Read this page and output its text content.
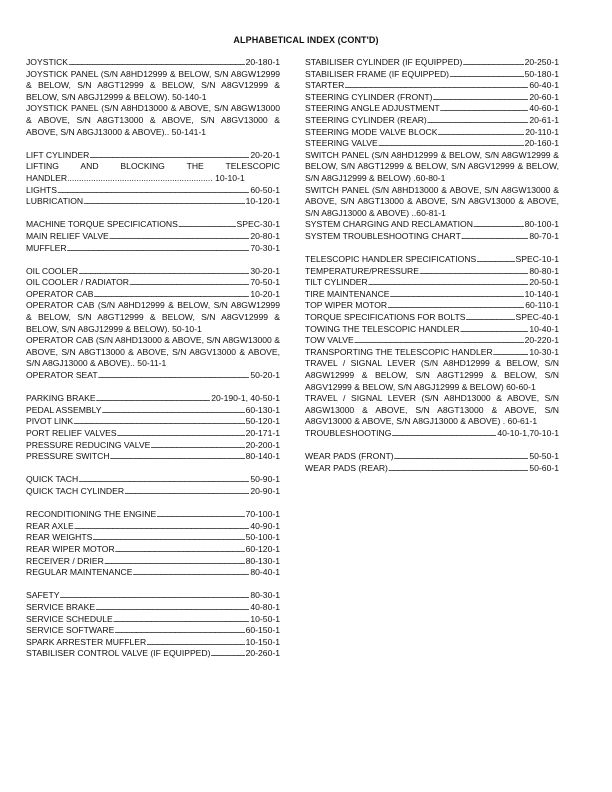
ALPHABETICAL INDEX (CONT'D)
JOYSTICK . . .	20-180-1
JOYSTICK PANEL (S/N A8HD12999 & BELOW, S/N A8GW12999 & BELOW, S/N A8GT12999 & BELOW, S/N A8GV12999 & BELOW, S/N A8GJ12999 & BELOW). 50-140-1
JOYSTICK PANEL (S/N A8HD13000 & ABOVE, S/N A8GW13000 & ABOVE, S/N A8GT13000 & ABOVE, S/N A8GV13000 & ABOVE, S/N A8GJ13000 & ABOVE).. 50-141-1
LIFT CYLINDER . . .	20-20-1
LIFTING AND BLOCKING THE TELESCOPIC HANDLER............................................................. 10-10-1
LIGHTS . . .	60-50-1
LUBRICATION . . .	10-120-1
MACHINE TORQUE SPECIFICATIONS . . .	SPEC-30-1
MAIN RELIEF VALVE . . .	20-80-1
MUFFLER . . .	70-30-1
OIL COOLER . . .	30-20-1
OIL COOLER / RADIATOR . . .	70-50-1
OPERATOR CAB . . .	10-20-1
OPERATOR CAB (S/N A8HD12999 & BELOW, S/N A8GW12999 & BELOW, S/N A8GT12999 & BELOW, S/N A8GV12999 & BELOW, S/N A8GJ12999 & BELOW). 50-10-1
OPERATOR CAB (S/N A8HD13000 & ABOVE, S/N A8GW13000 & ABOVE, S/N A8GT13000 & ABOVE, S/N A8GV13000 & ABOVE, S/N A8GJ13000 & ABOVE).. 50-11-1
OPERATOR SEAT . . .	50-20-1
PARKING BRAKE . . .	20-190-1, 40-50-1
PEDAL ASSEMBLY . . .	60-130-1
PIVOT LINK . . .	50-120-1
PORT RELIEF VALVES . . .	20-171-1
PRESSURE REDUCING VALVE . . .	20-200-1
PRESSURE SWITCH . . .	80-140-1
QUICK TACH . . .	50-90-1
QUICK TACH CYLINDER . . .	20-90-1
RECONDITIONING THE ENGINE . . .	70-100-1
REAR AXLE . . .	40-90-1
REAR WEIGHTS . . .	50-100-1
REAR WIPER MOTOR . . .	60-120-1
RECEIVER / DRIER . . .	80-130-1
REGULAR MAINTENANCE . . .	80-40-1
SAFETY . . .	80-30-1
SERVICE BRAKE . . .	40-80-1
SERVICE SCHEDULE . . .	10-50-1
SERVICE SOFTWARE . . .	60-150-1
SPARK ARRESTER MUFFLER . . .	10-150-1
STABILISER CONTROL VALVE (IF EQUIPPED) . . .	20-260-1
STABILISER CYLINDER (IF EQUIPPED) . . .	20-250-1
STABILISER FRAME (IF EQUIPPED) . . .	50-180-1
STARTER . . .	60-40-1
STEERING CYLINDER (FRONT) . . .	20-60-1
STEERING ANGLE ADJUSTMENT . . .	40-60-1
STEERING CYLINDER (REAR) . . .	20-61-1
STEERING MODE VALVE BLOCK . . .	20-110-1
STEERING VALVE . . .	20-160-1
SWITCH PANEL (S/N A8HD12999 & BELOW, S/N A8GW12999 & BELOW, S/N A8GT12999 & BELOW, S/N A8GV12999 & BELOW, S/N A8GJ12999 & BELOW) .60-80-1
SWITCH PANEL (S/N A8HD13000 & ABOVE, S/N A8GW13000 & ABOVE, S/N A8GT13000 & ABOVE, S/N A8GV13000 & ABOVE, S/N A8GJ13000 & ABOVE) ..60-81-1
SYSTEM CHARGING AND RECLAMATION . . .	80-100-1
SYSTEM TROUBLESHOOTING CHART . . .	80-70-1
TELESCOPIC HANDLER SPECIFICATIONS . . .	SPEC-10-1
TEMPERATURE/PRESSURE . . .	80-80-1
TILT CYLINDER . . .	20-50-1
TIRE MAINTENANCE . . .	10-140-1
TOP WIPER MOTOR . . .	60-110-1
TORQUE SPECIFICATIONS FOR BOLTS . . .	SPEC-40-1
TOWING THE TELESCOPIC HANDLER . . .	10-40-1
TOW VALVE . . .	20-220-1
TRANSPORTING THE TELESCOPIC HANDLER . . .	10-30-1
TRAVEL / SIGNAL LEVER (S/N A8HD12999 & BELOW, S/N A8GW12999 & BELOW, S/N A8GT12999 & BELOW, S/N A8GV12999 & BELOW, S/N A8GJ12999 & BELOW) 60-60-1
TRAVEL / SIGNAL LEVER (S/N A8HD13000 & ABOVE, S/N A8GW13000 & ABOVE, S/N A8GT13000 & ABOVE, S/N A8GV13000 & ABOVE, S/N A8GJ13000 & ABOVE) . 60-61-1
TROUBLESHOOTING . . .	40-10-1,70-10-1
WEAR PADS (FRONT) . . .	50-50-1
WEAR PADS (REAR) . . .	50-60-1
